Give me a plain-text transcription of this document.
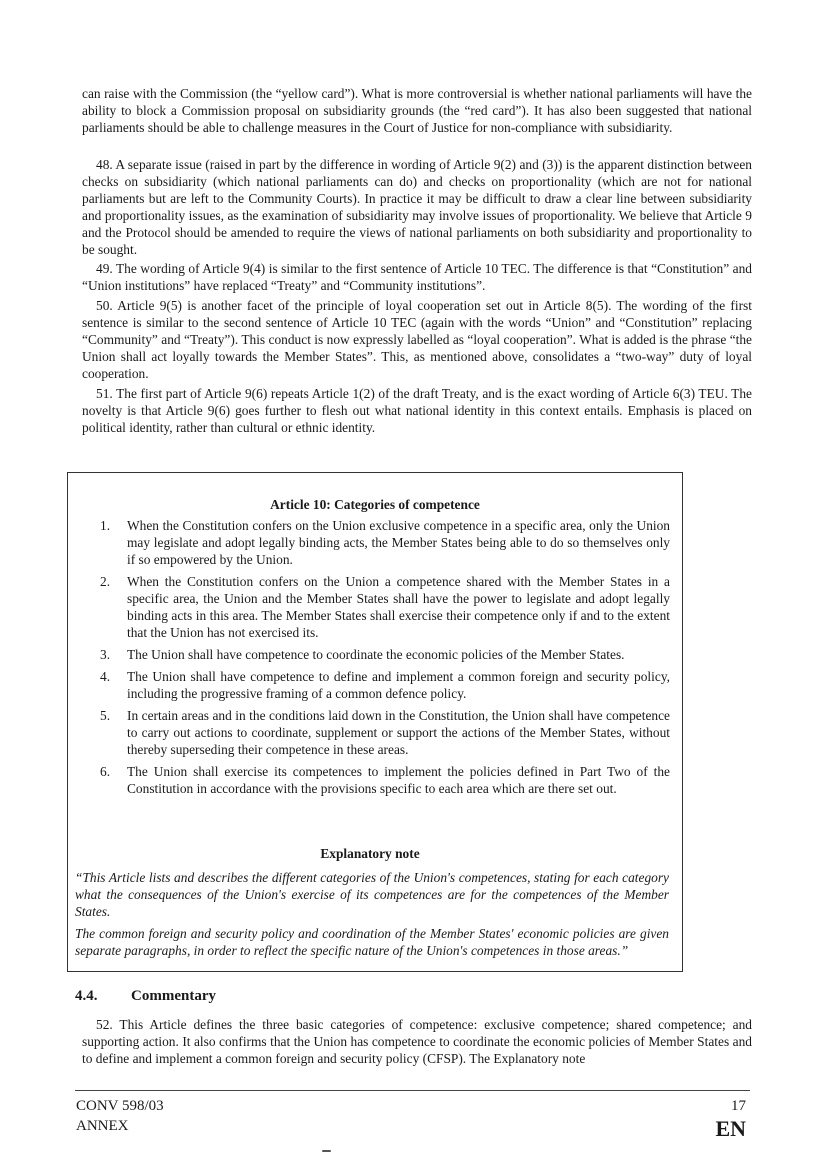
can raise with the Commission (the “yellow card”). What is more controversial is whether national parliaments will have the ability to block a Commission proposal on subsidiarity grounds (the “red card”). It has also been suggested that national parliaments should be able to challenge measures in the Court of Justice for non-compliance with subsidiarity.

48. A separate issue (raised in part by the difference in wording of Article 9(2) and (3)) is the apparent distinction between checks on subsidiarity (which national parliaments can do) and checks on proportionality (which are not for national parliaments but are left to the Community Courts). In practice it may be difficult to draw a clear line between subsidiarity and proportionality issues, as the examination of subsidiarity may involve issues of proportionality. We believe that Article 9 and the Protocol should be amended to require the views of national parliaments on both subsidiarity and proportionality to be sought.

49. The wording of Article 9(4) is similar to the first sentence of Article 10 TEC. The difference is that “Constitution” and “Union institutions” have replaced “Treaty” and “Community institutions”.

50. Article 9(5) is another facet of the principle of loyal cooperation set out in Article 8(5). The wording of the first sentence is similar to the second sentence of Article 10 TEC (again with the words “Union” and “Constitution” replacing “Community” and “Treaty”). This conduct is now expressly labelled as “loyal cooperation”. What is added is the phrase “the Union shall act loyally towards the Member States”. This, as mentioned above, consolidates a “two-way” duty of loyal cooperation.

51. The first part of Article 9(6) repeats Article 1(2) of the draft Treaty, and is the exact wording of Article 6(3) TEU. The novelty is that Article 9(6) goes further to flesh out what national identity in this context entails. Emphasis is placed on political identity, rather than cultural or ethnic identity.

Article 10: Categories of competence
1. When the Constitution confers on the Union exclusive competence in a specific area, only the Union may legislate and adopt legally binding acts, the Member States being able to do so themselves only if so empowered by the Union.
2. When the Constitution confers on the Union a competence shared with the Member States in a specific area, the Union and the Member States shall have the power to legislate and adopt legally binding acts in this area. The Member States shall exercise their competence only if and to the extent that the Union has not exercised its.
3. The Union shall have competence to coordinate the economic policies of the Member States.
4. The Union shall have competence to define and implement a common foreign and security policy, including the progressive framing of a common defence policy.
5. In certain areas and in the conditions laid down in the Constitution, the Union shall have competence to carry out actions to coordinate, supplement or support the actions of the Member States, without thereby superseding their competence in these areas.
6. The Union shall exercise its competences to implement the policies defined in Part Two of the Constitution in accordance with the provisions specific to each area which are there set out.
Explanatory note

“This Article lists and describes the different categories of the Union's competences, stating for each category what the consequences of the Union's exercise of its competences are for the competences of the Member States.

The common foreign and security policy and coordination of the Member States' economic policies are given separate paragraphs, in order to reflect the specific nature of the Union's competences in those areas.”

4.4. Commentary

52. This Article defines the three basic categories of competence: exclusive competence; shared competence; and supporting action. It also confirms that the Union has competence to coordinate the economic policies of Member States and to define and implement a common foreign and security policy (CFSP). The Explanatory note

CONV 598/03
ANNEX
17
EN
